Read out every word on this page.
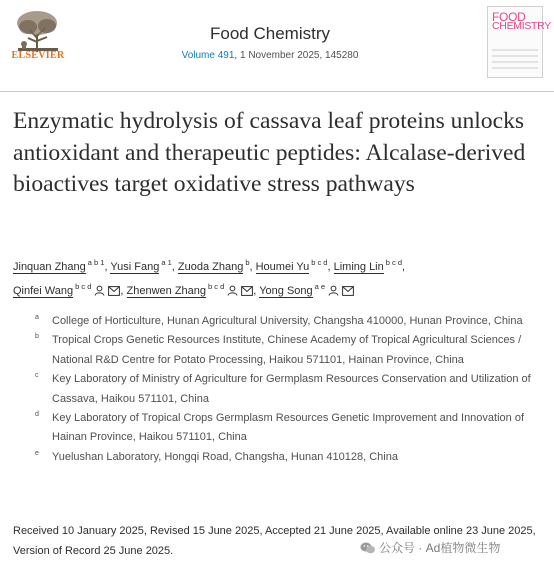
ELSEVIER
Food Chemistry
Volume 491, 1 November 2025, 145280
FOOD
CHEMISTRY
Enzymatic hydrolysis of cassava leaf proteins unlocks antioxidant and therapeutic peptides: Alcalase-derived bioactives target oxidative stress pathways
Jinquan Zhang $^{a b 1}$, Yusi Fang $^{a 1}$, Zuoda Zhang $^b$, Houmei Yu $^{b c d}$, Liming Lin $^{b c d}$,
Qinfei Wang $^{b c d}$	, Zhenwen Zhang $^{b c d}$	, Yong Song $^{a e}$
a College of Horticulture, Hunan Agricultural University, Changsha 410000, Hunan Province, China
b Tropical Crops Genetic Resources Institute, Chinese Academy of Tropical Agricultural Sciences / National R&D Centre for Potato Processing, Haikou 571101, Hainan Province, China
c Key Laboratory of Ministry of Agriculture for Germplasm Resources Conservation and Utilization of Cassava, Haikou 571101, China
d Key Laboratory of Tropical Crops Germplasm Resources Genetic Improvement and Innovation of Hainan Province, Haikou 571101, China
e Yuelushan Laboratory, Hongqi Road, Changsha, Hunan 410128, China
Received 10 January 2025, Revised 15 June 2025, Accepted 21 June 2025, Available online 23 June 2025, Version of Record 25 June 2025.	公众号 · Ad植物微生物
